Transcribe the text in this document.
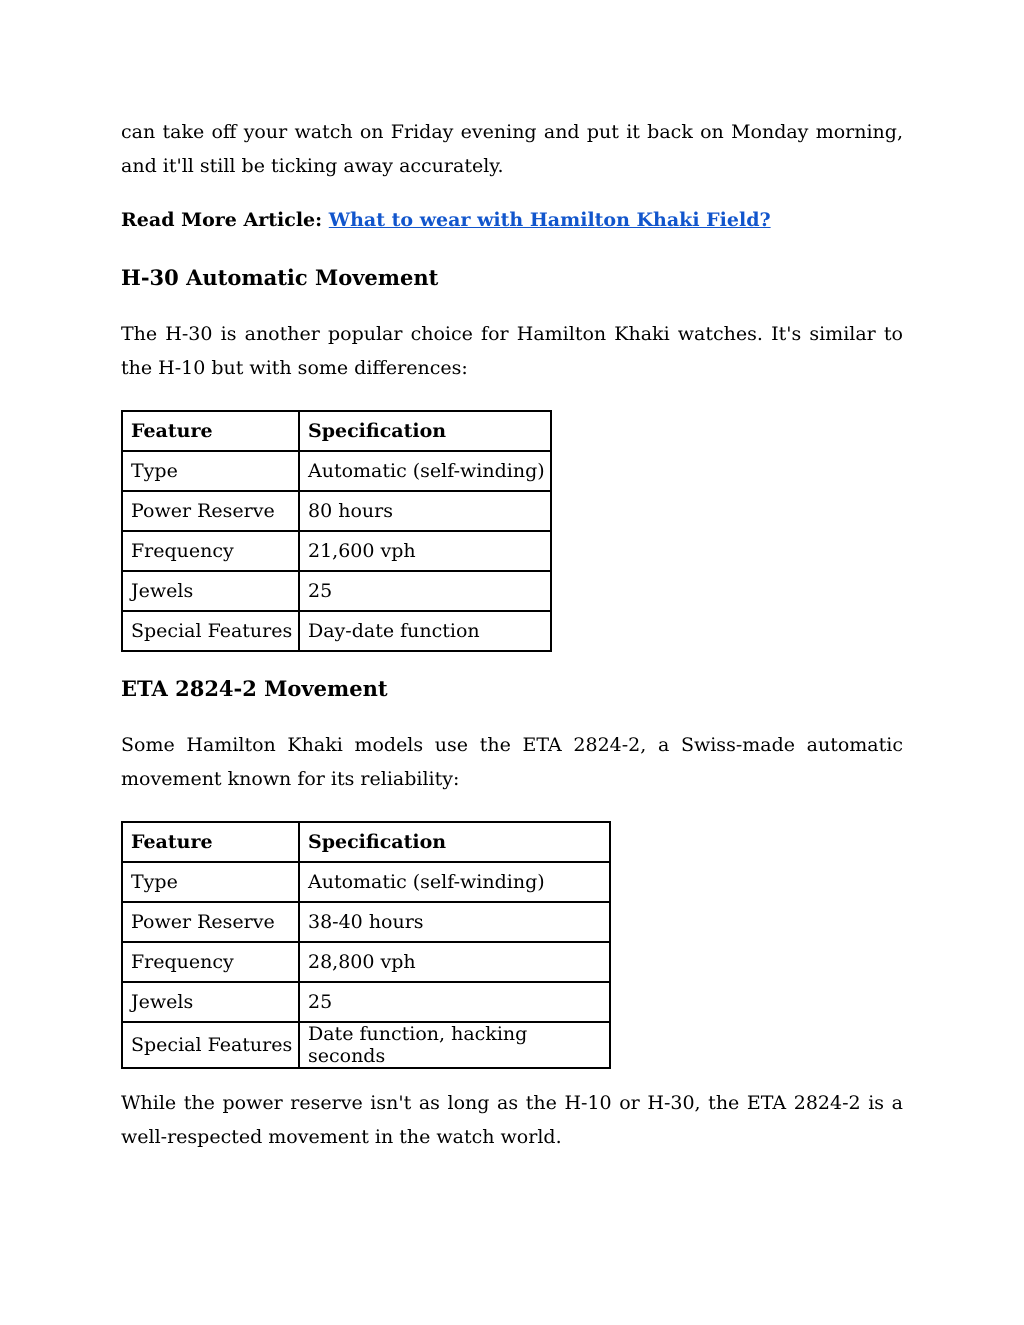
can take off your watch on Friday evening and put it back on Monday morning, and it'll still be ticking away accurately.

Read More Article: What to wear with Hamilton Khaki Field?
H-30 Automatic Movement

The H-30 is another popular choice for Hamilton Khaki watches. It's similar to the H-10 but with some differences:

Feature	Specification
Type	Automatic (self-winding)
Power Reserve	80 hours
Frequency	21,600 vph
Jewels	25
Special Features	Day-date function
ETA 2824-2 Movement

Some Hamilton Khaki models use the ETA 2824-2, a Swiss-made automatic movement known for its reliability:

Feature	Specification
Type	Automatic (self-winding)
Power Reserve	38-40 hours
Frequency	28,800 vph
Jewels	25
Special Features	Date function, hacking seconds

While the power reserve isn't as long as the H-10 or H-30, the ETA 2824-2 is a well-respected movement in the watch world.
